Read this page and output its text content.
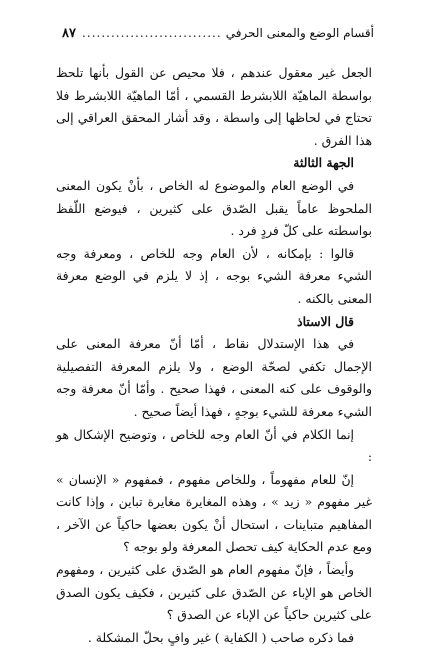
أقسام الوضع والمعنى الحرفي
.....
٨٧

الجعل غير معقول عندهم ، فلا محيص عن القول بأنها تلحظ بواسطة الماهيّة اللابشرط القسمي ، أمّا الماهيّة اللابشرط فلا تحتاج في لحاظها إلى واسطة ، وقد أشار المحقق العراقي إلى هذا الفرق .

الجهة الثالثة

في الوضع العام والموضوع له الخاص ، بأنْ يكون المعنى الملحوظ عاماً يقبل الصّدق على كثيرين ، فيوضع اللّفظ بواسطته على كلّ فردٍ فرد .

قالوا : بإمكانه ، لأن العام وجه للخاص ، ومعرفة وجه الشيء معرفة الشيء بوجه ، إذ لا يلزم في الوضع معرفة المعنى بالكنه .

قال الاستاذ

في هذا الإستدلال نقاط ، أمّا أنّ معرفة المعنى على الإجمال تكفي لصحّة الوضع ، ولا يلزم المعرفة التفصيلية والوقوف على كنه المعنى ، فهذا صحيح . وأمّا أنّ معرفة وجه الشيء معرفة للشيء بوجهٍ ، فهذا أيضاً صحيح .

إنما الكلام في أنّ العام وجه للخاص ، وتوضيح الإشكال هو :

إنّ للعام مفهوماً ، وللخاص مفهوم ، فمفهوم « الإنسان » غير مفهوم « زيد » ، وهذه المغايرة مغايرة تباين ، وإذا كانت المفاهيم متباينات ، استحال أنْ يكون بعضها حاكياً عن الآخر ، ومع عدم الحكاية كيف تحصل المعرفة ولو بوجه ؟

وأيضاً ، فإنّ مفهوم العام هو الصّدق على كثيرين ، ومفهوم الخاص هو الإباء عن الصّدق على كثيرين ، فكيف يكون الصدق على كثيرين حاكياً عن الإباء عن الصدق ؟

فما ذكره صاحب ( الكفاية ) غير وافٍ بحلّ المشكلة .
